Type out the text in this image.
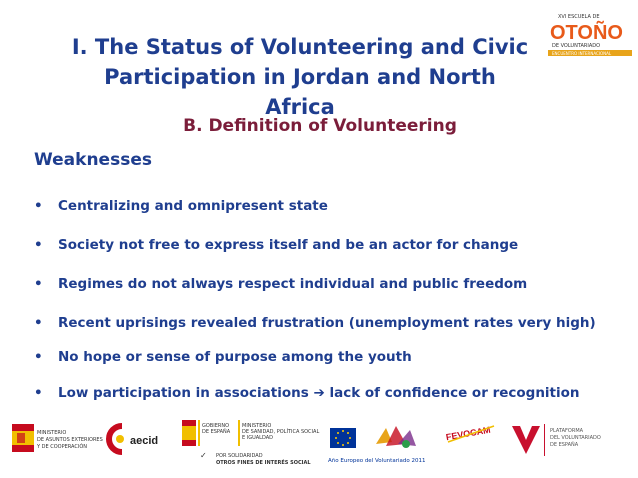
I. The Status of Volunteering and Civic
Participation in Jordan and North Africa
XVI ESCUELA DE
OTOÑO
DE VOLUNTARIADO
ENCUENTRO INTERNACIONAL
B. Definition of Volunteering
Weaknesses
• Centralizing and omnipresent state
• Society not free to express itself and be an actor for change
• Regimes do not always respect individual and public freedom
• Recent uprisings revealed frustration (unemployment rates very high)
• No hope or sense of purpose among the youth
• Low participation in associations ➔ lack of confidence or recognition
MINISTERIO
DE ASUNTOS EXTERIORES
Y DE COOPERACIÓN	aecid
GOBIERNO
DE ESPAÑA
MINISTERIO
DE SANIDAD, POLÍTICA SOCIAL
E IGUALDAD
✓ POR SOLIDARIDAD
OTROS FINES DE INTERÉS SOCIAL	Año Europeo del Voluntariado 2011
FEVOCAM	PLATAFORMA
DEL VOLUNTARIADO
DE ESPAÑA
